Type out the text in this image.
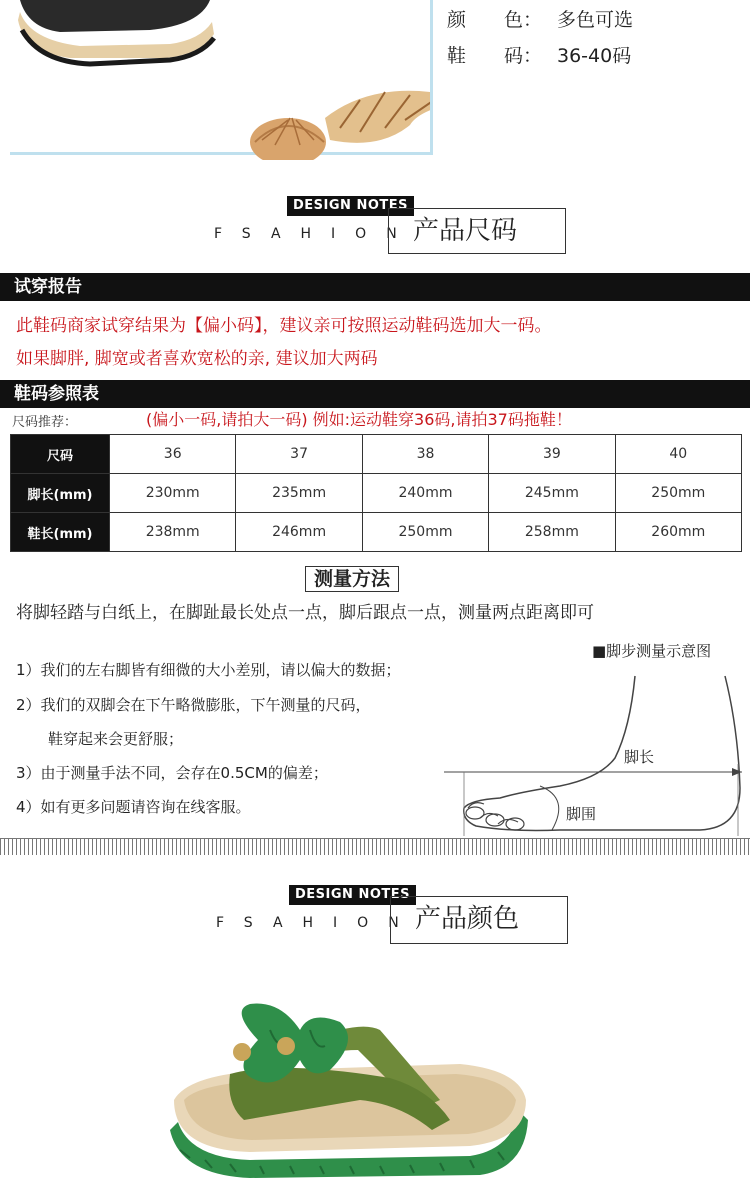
颜　　色： 多色可选
鞋　　码： 36-40码
DESIGN NOTES
FSAHION
产品尺码
试穿报告
此鞋码商家试穿结果为【偏小码】，建议亲可按照运动鞋码选加大一码。
如果脚胖, 脚宽或者喜欢宽松的亲, 建议加大两码
鞋码参照表
尺码推荐：	(偏小一码,请拍大一码) 例如:运动鞋穿36码,请拍37码拖鞋！
尺码	36	37	38	39	40
脚长(mm)	230mm	235mm	240mm	245mm	250mm
鞋长(mm)	238mm	246mm	250mm	258mm	260mm
测量方法
将脚轻踏与白纸上，在脚趾最长处点一点，脚后跟点一点，测量两点距离即可
1）我们的左右脚皆有细微的大小差别，请以偏大的数据；
2）我们的双脚会在下午略微膨胀，下午测量的尺码，
鞋穿起来会更舒服；
3）由于测量手法不同，会存在0.5CM的偏差；
4）如有更多问题请咨询在线客服。
■脚步测量示意图
脚长
脚围
DESIGN NOTES
FSAHION
产品颜色
